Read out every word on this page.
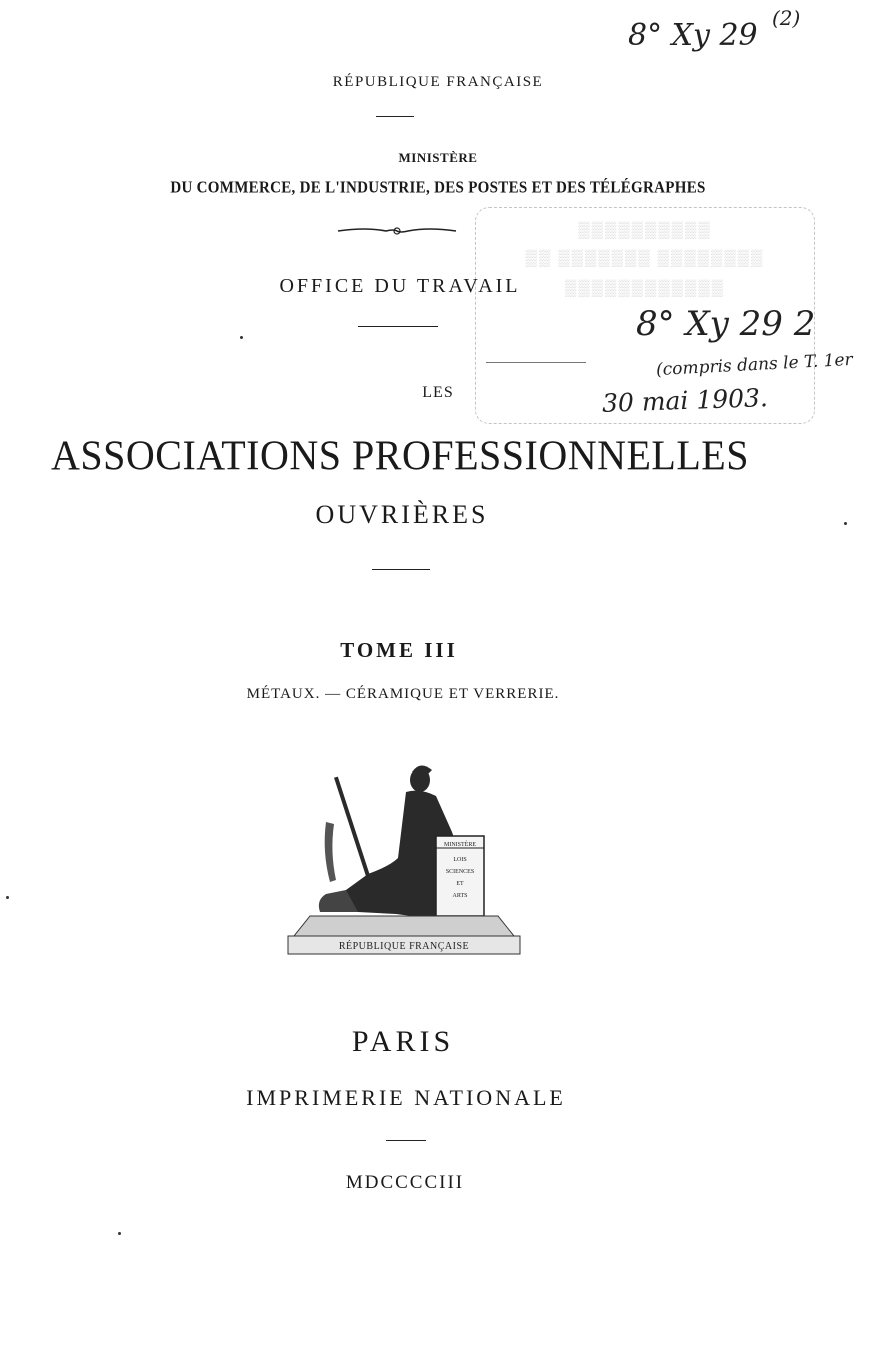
8° Xy 29 (2)
RÉPUBLIQUE FRANÇAISE
MINISTÈRE
DU COMMERCE, DE L'INDUSTRIE, DES POSTES ET DES TÉLÉGRAPHES
▒▒▒▒▒▒▒▒▒▒
▒▒ ▒▒▒▒▒▒▒ ▒▒▒▒▒▒▒▒
▒▒▒▒▒▒▒▒▒▒▒▒
8° Xy 29 2
(compris dans le T. 1er
30 mai 1903.
OFFICE DU TRAVAIL
LES
ASSOCIATIONS PROFESSIONNELLES
OUVRIÈRES
TOME III
MÉTAUX. — CÉRAMIQUE ET VERRERIE.
MINISTÈRE
LOIS
SCIENCES
ET
ARTS
RÉPUBLIQUE FRANÇAISE
PARIS
IMPRIMERIE NATIONALE
MDCCCCIII
